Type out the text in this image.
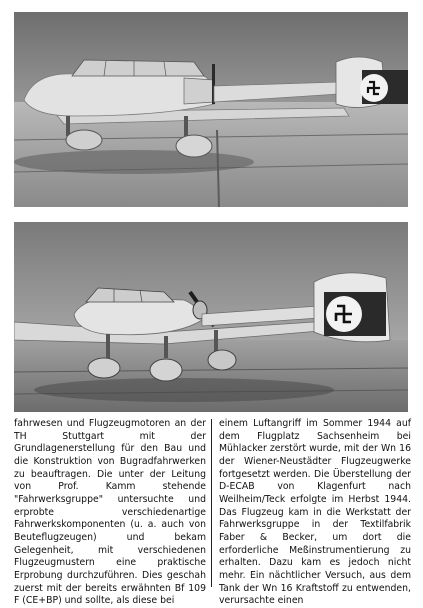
fahrwesen und Flugzeugmotoren an der TH Stuttgart mit der Grundlagenerstellung für den Bau und die Konstruktion von Bugradfahrwerken zu beauftragen. Die unter der Leitung von Prof. Kamm stehende "Fahrwerksgruppe" untersuchte und erprobte verschiedenartige Fahrwerkskomponenten (u. a. auch von Beuteflugzeugen) und bekam Gelegenheit, mit verschiedenen Flugzeugmustern eine praktische Erprobung durchzuführen. Dies geschah zuerst mit der bereits erwähnten Bf 109 F (CE+BP) und sollte, als diese bei

einem Luftangriff im Sommer 1944 auf dem Flugplatz Sachsenheim bei Mühlacker zerstört wurde, mit der Wn 16 der Wiener-Neustädter Flugzeugwerke fortgesetzt werden. Die Überstellung der D-ECAB von Klagenfurt nach Weilheim/Teck erfolgte im Herbst 1944. Das Flugzeug kam in die Werkstatt der Fahrwerksgruppe in der Textilfabrik Faber & Becker, um dort die erforderliche Meßinstrumentierung zu erhalten. Dazu kam es jedoch nicht mehr. Ein nächtlicher Versuch, aus dem Tank der Wn 16 Kraftstoff zu entwenden, verursachte einen
